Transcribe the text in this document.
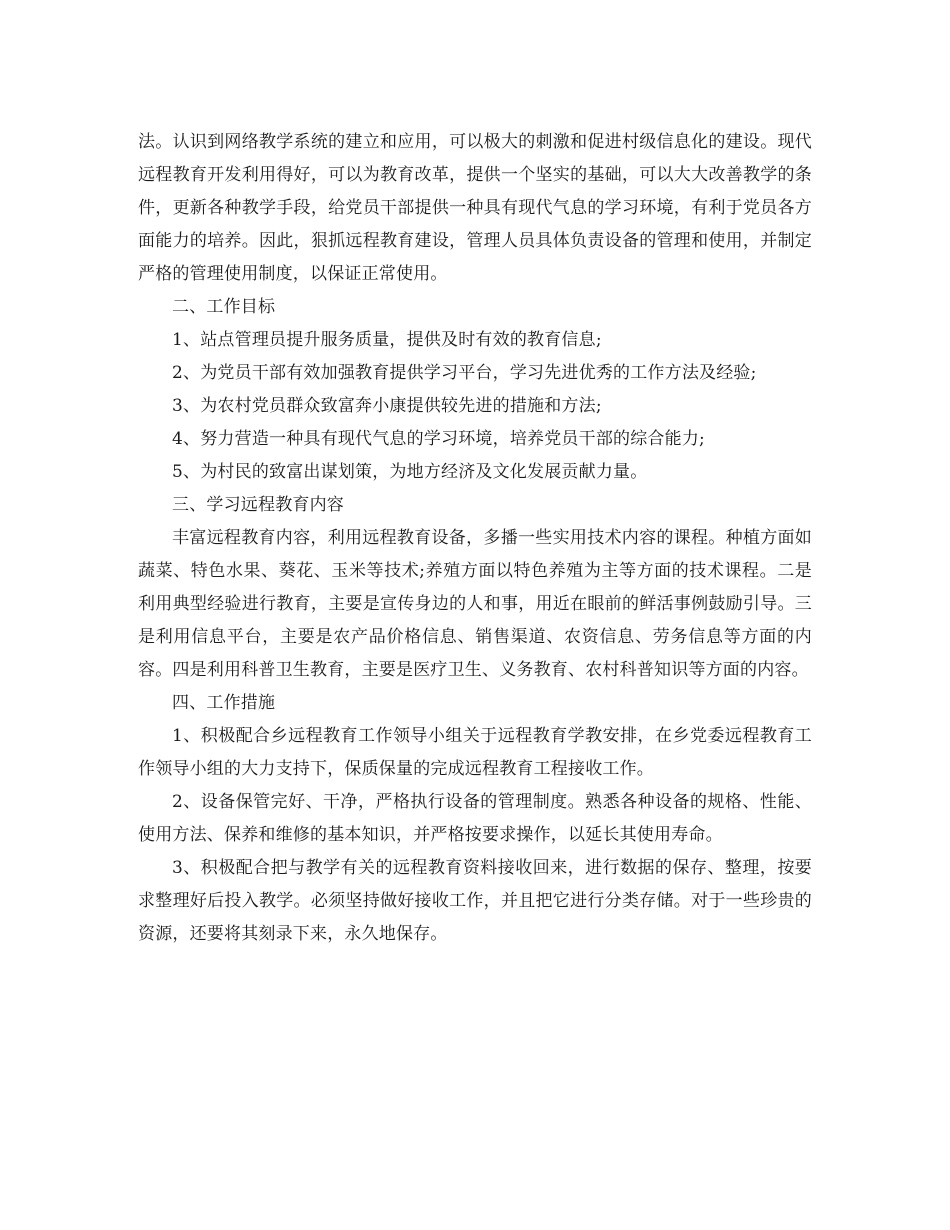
法。认识到网络教学系统的建立和应用，可以极大的刺激和促进村级信息化的建设。现代远程教育开发利用得好，可以为教育改革，提供一个坚实的基础，可以大大改善教学的条件，更新各种教学手段，给党员干部提供一种具有现代气息的学习环境，有利于党员各方面能力的培养。因此，狠抓远程教育建设，管理人员具体负责设备的管理和使用，并制定严格的管理使用制度，以保证正常使用。

二、工作目标

1、站点管理员提升服务质量，提供及时有效的教育信息;

2、为党员干部有效加强教育提供学习平台，学习先进优秀的工作方法及经验;

3、为农村党员群众致富奔小康提供较先进的措施和方法;

4、努力营造一种具有现代气息的学习环境，培养党员干部的综合能力;

5、为村民的致富出谋划策，为地方经济及文化发展贡献力量。

三、学习远程教育内容

丰富远程教育内容，利用远程教育设备，多播一些实用技术内容的课程。种植方面如蔬菜、特色水果、葵花、玉米等技术;养殖方面以特色养殖为主等方面的技术课程。二是利用典型经验进行教育，主要是宣传身边的人和事，用近在眼前的鲜活事例鼓励引导。三是利用信息平台，主要是农产品价格信息、销售渠道、农资信息、劳务信息等方面的内容。四是利用科普卫生教育，主要是医疗卫生、义务教育、农村科普知识等方面的内容。

四、工作措施

1、积极配合乡远程教育工作领导小组关于远程教育学教安排，在乡党委远程教育工作领导小组的大力支持下，保质保量的完成远程教育工程接收工作。

2、设备保管完好、干净，严格执行设备的管理制度。熟悉各种设备的规格、性能、使用方法、保养和维修的基本知识，并严格按要求操作，以延长其使用寿命。

3、积极配合把与教学有关的远程教育资料接收回来，进行数据的保存、整理，按要求整理好后投入教学。必须坚持做好接收工作，并且把它进行分类存储。对于一些珍贵的资源，还要将其刻录下来，永久地保存。
